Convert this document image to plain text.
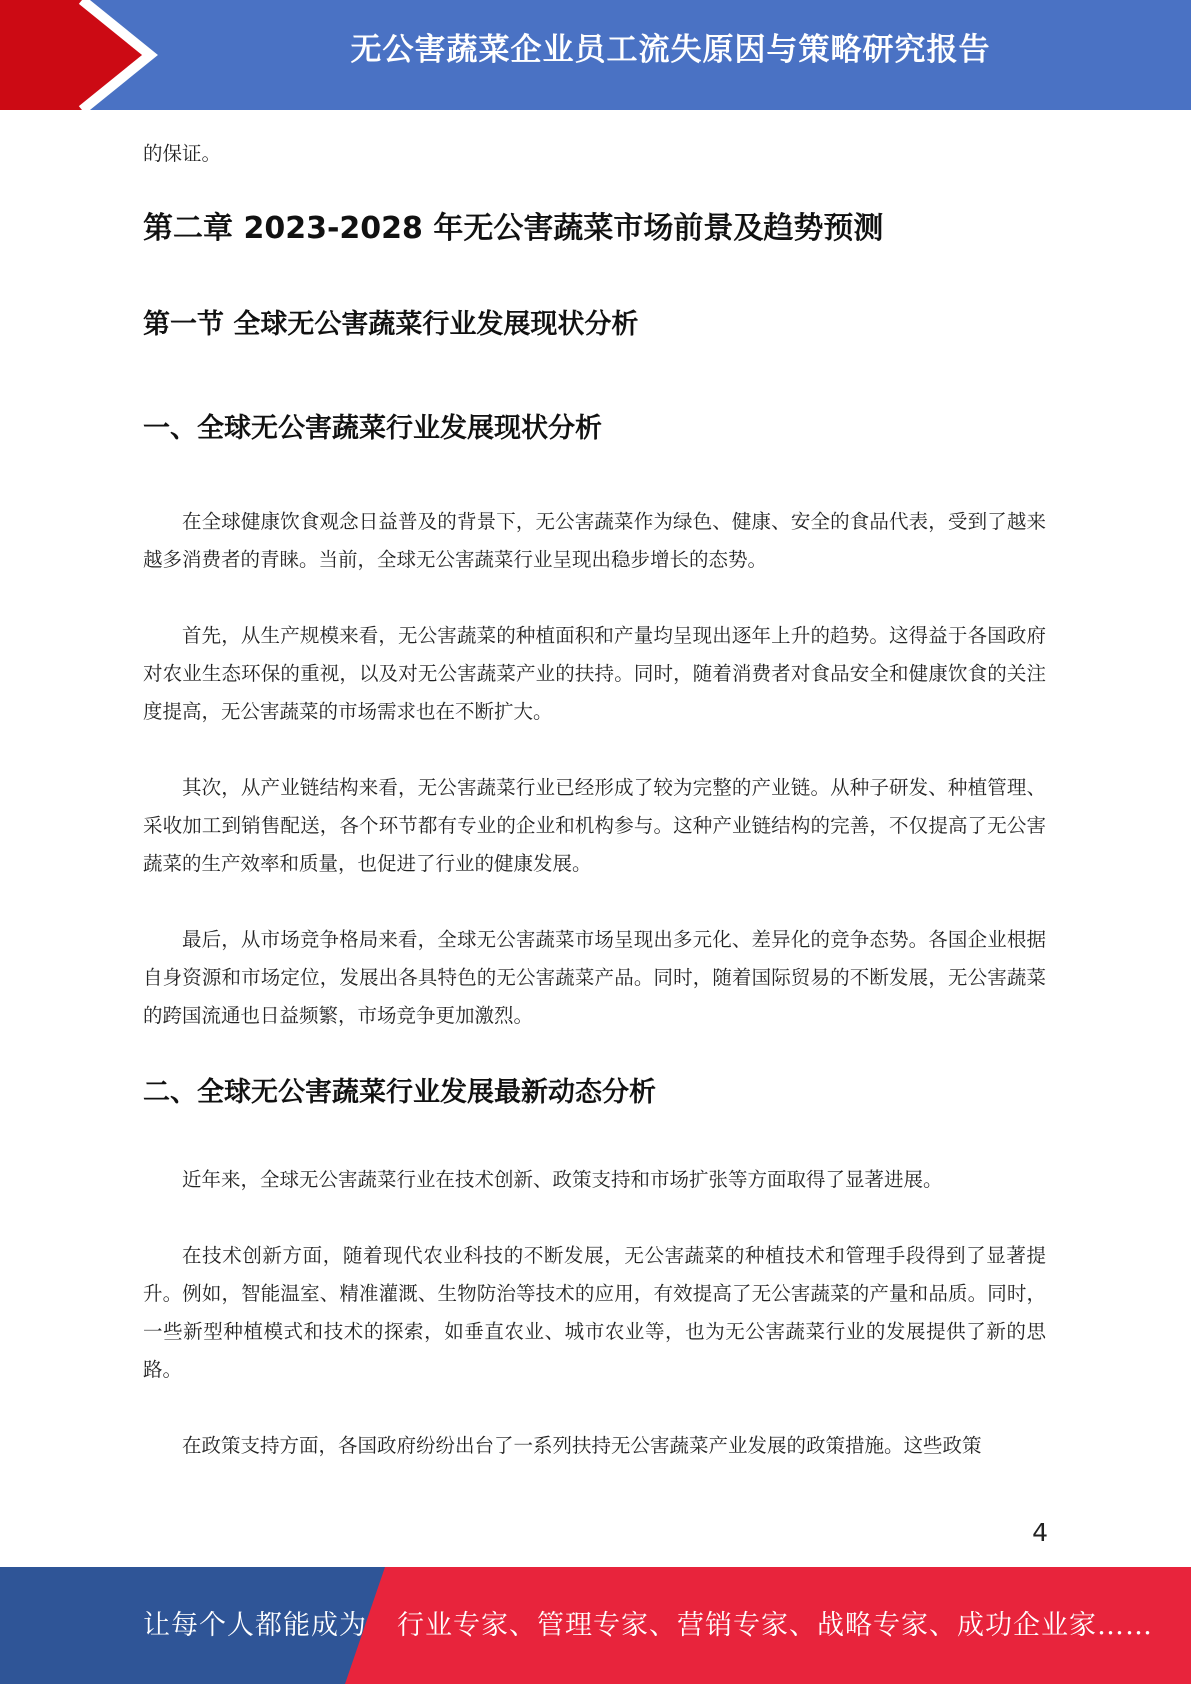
无公害蔬菜企业员工流失原因与策略研究报告

的保证。

第二章 2023-2028 年无公害蔬菜市场前景及趋势预测
第一节 全球无公害蔬菜行业发展现状分析
一、全球无公害蔬菜行业发展现状分析

在全球健康饮食观念日益普及的背景下，无公害蔬菜作为绿色、健康、安全的食品代表，受到了越来越多消费者的青睐。当前，全球无公害蔬菜行业呈现出稳步增长的态势。

首先，从生产规模来看，无公害蔬菜的种植面积和产量均呈现出逐年上升的趋势。这得益于各国政府对农业生态环保的重视，以及对无公害蔬菜产业的扶持。同时，随着消费者对食品安全和健康饮食的关注度提高，无公害蔬菜的市场需求也在不断扩大。

其次，从产业链结构来看，无公害蔬菜行业已经形成了较为完整的产业链。从种子研发、种植管理、采收加工到销售配送，各个环节都有专业的企业和机构参与。这种产业链结构的完善，不仅提高了无公害蔬菜的生产效率和质量，也促进了行业的健康发展。

最后，从市场竞争格局来看，全球无公害蔬菜市场呈现出多元化、差异化的竞争态势。各国企业根据自身资源和市场定位，发展出各具特色的无公害蔬菜产品。同时，随着国际贸易的不断发展，无公害蔬菜的跨国流通也日益频繁，市场竞争更加激烈。

二、全球无公害蔬菜行业发展最新动态分析

近年来，全球无公害蔬菜行业在技术创新、政策支持和市场扩张等方面取得了显著进展。

在技术创新方面，随着现代农业科技的不断发展，无公害蔬菜的种植技术和管理手段得到了显著提升。例如，智能温室、精准灌溉、生物防治等技术的应用，有效提高了无公害蔬菜的产量和品质。同时，一些新型种植模式和技术的探索，如垂直农业、城市农业等，也为无公害蔬菜行业的发展提供了新的思路。

在政策支持方面，各国政府纷纷出台了一系列扶持无公害蔬菜产业发展的政策措施。这些政策

4
让每个人都能成为 行业专家、管理专家、营销专家、战略专家、成功企业家……
